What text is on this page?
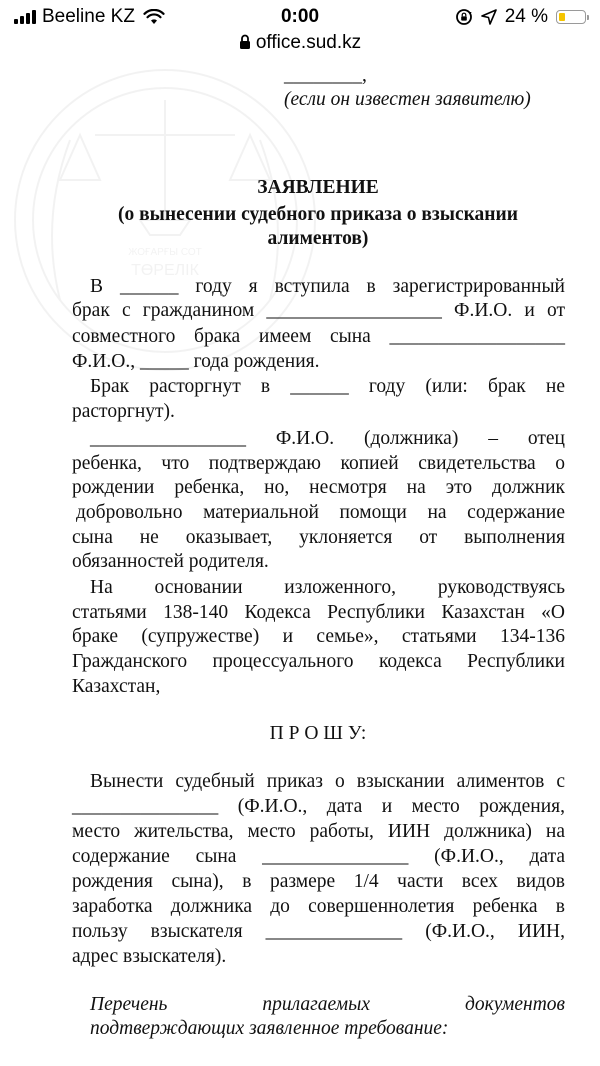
Beeline KZ	0:00	24 %
office.sud.kz
ЖОҒАРҒЫ СОТ
ТӨРЕЛІК
________,
(если он известен заявителю)
ЗАЯВЛЕНИЕ
(о вынесении судебного приказа о взыскании
алиментов)
В ______ году я вступила в зарегистрированный
брак с гражданином __________________ Ф.И.О. и от
совместного брака имеем сына __________________
Ф.И.О., _____ года рождения.
Брак расторгнут в ______ году (или: брак не
расторгнут).
________________ Ф.И.О. (должника) – отец
ребенка, что подтверждаю копией свидетельства о
рождении ребенка, но, несмотря на это должник
добровольно материальной помощи на содержание
сына не оказывает, уклоняется от выполнения
обязанностей родителя.
На основании изложенного, руководствуясь
статьями 138-140 Кодекса Республики Казахстан «О
браке (супружестве) и семье», статьями 134-136
Гражданского процессуального кодекса Республики
Казахстан,
П Р О Ш У:
Вынести судебный приказ о взыскании алиментов с
_______________ (Ф.И.О., дата и место рождения,
место жительства, место работы, ИИН должника) на
содержание сына _______________ (Ф.И.О., дата
рождения сына), в размере 1/4 части всех видов
заработка должника до совершеннолетия ребенка в
пользу взыскателя ______________ (Ф.И.О., ИИН,
адрес взыскателя).
Перечень прилагаемых документов
подтверждающих заявленное требование:
